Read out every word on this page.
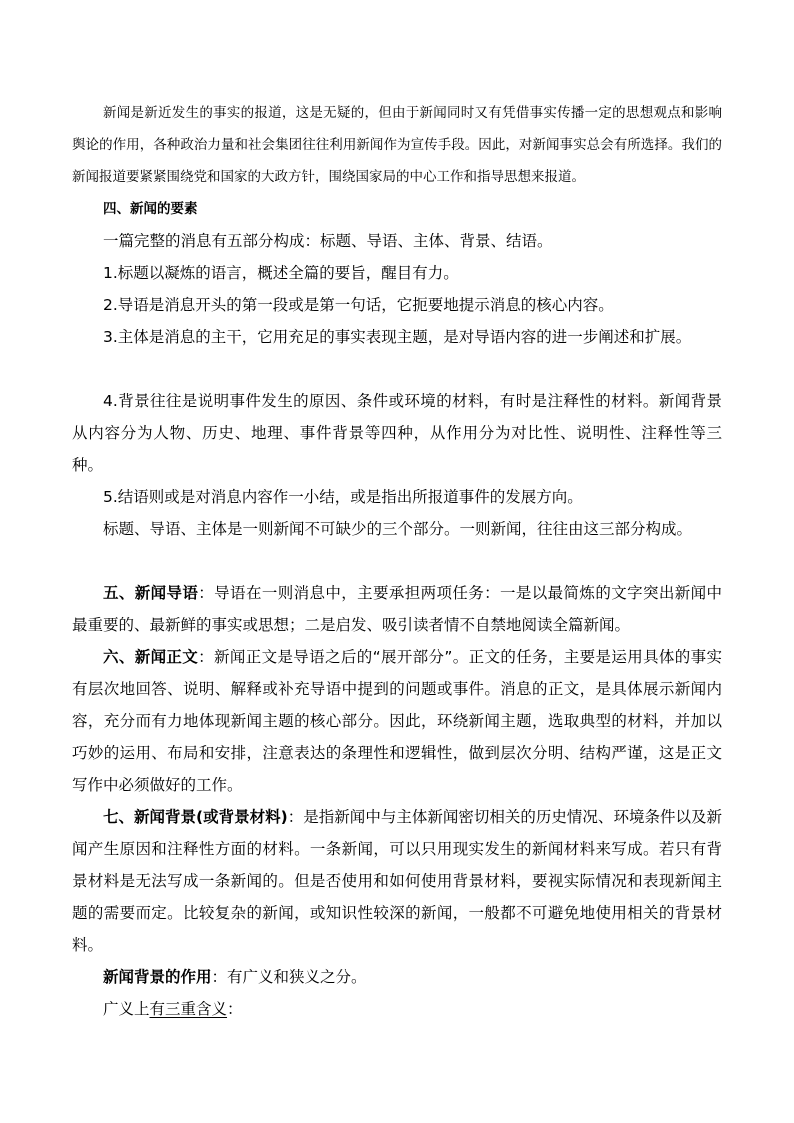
新闻是新近发生的事实的报道，这是无疑的，但由于新闻同时又有凭借事实传播一定的思想观点和影响舆论的作用，各种政治力量和社会集团往往利用新闻作为宣传手段。因此，对新闻事实总会有所选择。我们的新闻报道要紧紧围绕党和国家的大政方针，围绕国家局的中心工作和指导思想来报道。

四、新闻的要素

一篇完整的消息有五部分构成：标题、导语、主体、背景、结语。

1.标题以凝炼的语言，概述全篇的要旨，醒目有力。

2.导语是消息开头的第一段或是第一句话，它扼要地提示消息的核心内容。

3.主体是消息的主干，它用充足的事实表现主题，是对导语内容的进一步阐述和扩展。

4.背景往往是说明事件发生的原因、条件或环境的材料，有时是注释性的材料。新闻背景从内容分为人物、历史、地理、事件背景等四种，从作用分为对比性、说明性、注释性等三种。

5.结语则或是对消息内容作一小结，或是指出所报道事件的发展方向。

标题、导语、主体是一则新闻不可缺少的三个部分。一则新闻，往往由这三部分构成。

五、新闻导语：导语在一则消息中，主要承担两项任务：一是以最简炼的文字突出新闻中最重要的、最新鲜的事实或思想；二是启发、吸引读者情不自禁地阅读全篇新闻。

六、新闻正文：新闻正文是导语之后的“展开部分”。正文的任务，主要是运用具体的事实有层次地回答、说明、解释或补充导语中提到的问题或事件。消息的正文，是具体展示新闻内容，充分而有力地体现新闻主题的核心部分。因此，环绕新闻主题，选取典型的材料，并加以巧妙的运用、布局和安排，注意表达的条理性和逻辑性，做到层次分明、结构严谨，这是正文写作中必须做好的工作。

七、新闻背景(或背景材料)：是指新闻中与主体新闻密切相关的历史情况、环境条件以及新闻产生原因和注释性方面的材料。一条新闻，可以只用现实发生的新闻材料来写成。若只有背景材料是无法写成一条新闻的。但是否使用和如何使用背景材料，要视实际情况和表现新闻主题的需要而定。比较复杂的新闻，或知识性较深的新闻，一般都不可避免地使用相关的背景材料。

新闻背景的作用：有广义和狭义之分。

广义上有三重含义：
